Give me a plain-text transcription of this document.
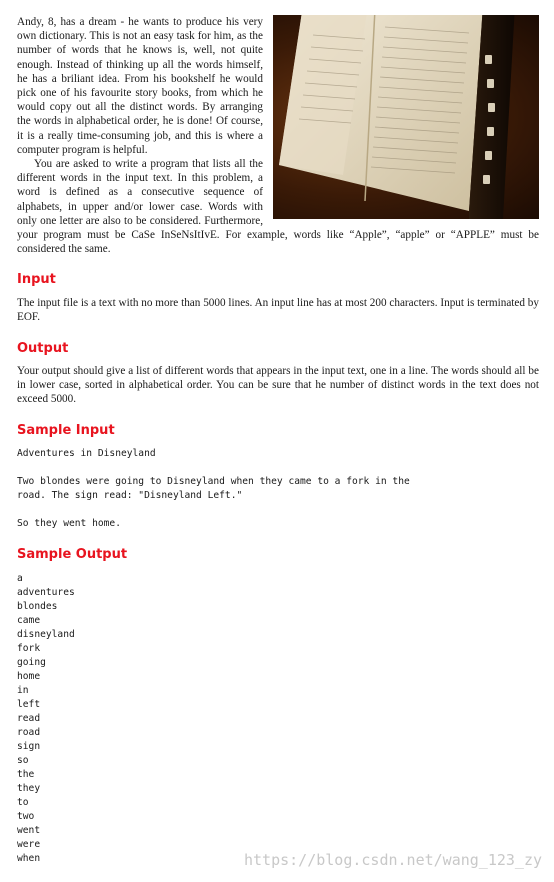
Andy, 8, has a dream - he wants to produce his very own dictionary. This is not an easy task for him, as the number of words that he knows is, well, not quite enough. Instead of thinking up all the words himself, he has a briliant idea. From his bookshelf he would pick one of his favourite story books, from which he would copy out all the distinct words. By arranging the words in alphabetical order, he is done! Of course, it is a really time-consuming job, and this is where a computer program is helpful.

You are asked to write a program that lists all the different words in the input text. In this problem, a word is defined as a consecutive sequence of alphabets, in upper and/or lower case. Words with only one letter are also to be considered. Furthermore, your program must be CaSe InSeNsItIvE. For example, words like “Apple”, “apple” or “APPLE” must be considered the same.

Input

The input file is a text with no more than 5000 lines. An input line has at most 200 characters. Input is terminated by EOF.

Output

Your output should give a list of different words that appears in the input text, one in a line. The words should all be in lower case, sorted in alphabetical order. You can be sure that he number of distinct words in the text does not exceed 5000.

Sample Input

Adventures in Disneyland

Two blondes were going to Disneyland when they came to a fork in the

road. The sign read: "Disneyland Left."

So they went home.

Sample Output
a
adventures
blondes
came
disneyland
fork
going
home
in
left
read
road
sign
so
the
they
to
two
went
were
when	https://blog.csdn.net/wang_123_zy
